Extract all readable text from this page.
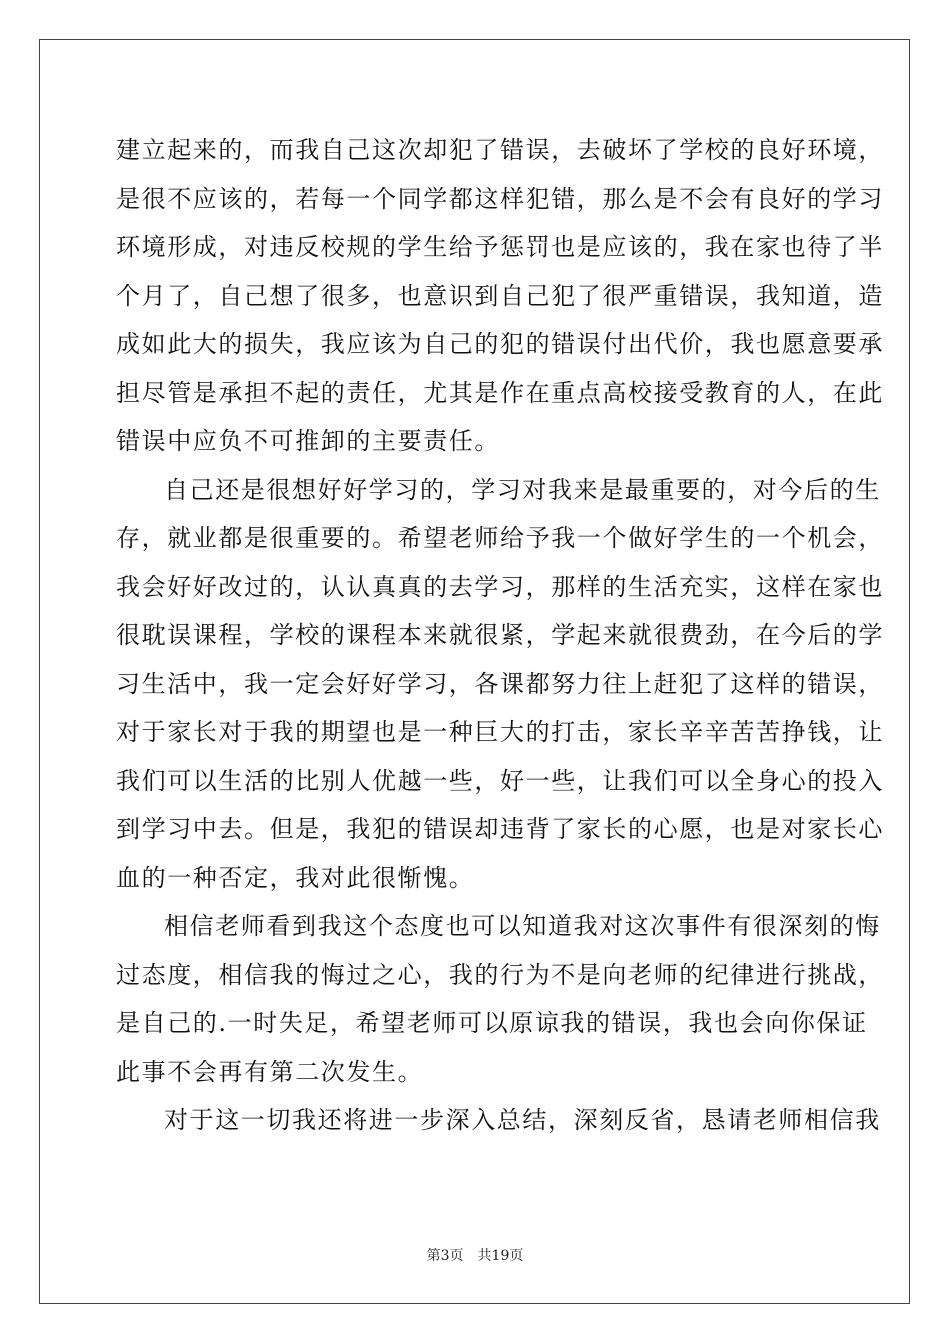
建立起来的，而我自己这次却犯了错误，去破坏了学校的良好环境，
是很不应该的，若每一个同学都这样犯错，那么是不会有良好的学习
环境形成，对违反校规的学生给予惩罚也是应该的，我在家也待了半
个月了，自己想了很多，也意识到自己犯了很严重错误，我知道，造
成如此大的损失，我应该为自己的犯的错误付出代价，我也愿意要承
担尽管是承担不起的责任，尤其是作在重点高校接受教育的人，在此
错误中应负不可推卸的主要责任。
自己还是很想好好学习的，学习对我来是最重要的，对今后的生
存，就业都是很重要的。希望老师给予我一个做好学生的一个机会，
我会好好改过的，认认真真的去学习，那样的生活充实，这样在家也
很耽误课程，学校的课程本来就很紧，学起来就很费劲，在今后的学
习生活中，我一定会好好学习，各课都努力往上赶犯了这样的错误，
对于家长对于我的期望也是一种巨大的打击，家长辛辛苦苦挣钱，让
我们可以生活的比别人优越一些，好一些，让我们可以全身心的投入
到学习中去。但是，我犯的错误却违背了家长的心愿，也是对家长心
血的一种否定，我对此很惭愧。
相信老师看到我这个态度也可以知道我对这次事件有很深刻的悔
过态度，相信我的悔过之心，我的行为不是向老师的纪律进行挑战，
是自己的.一时失足，希望老师可以原谅我的错误，我也会向你保证
此事不会再有第二次发生。
对于这一切我还将进一步深入总结，深刻反省，恳请老师相信我
第3页 共19页
